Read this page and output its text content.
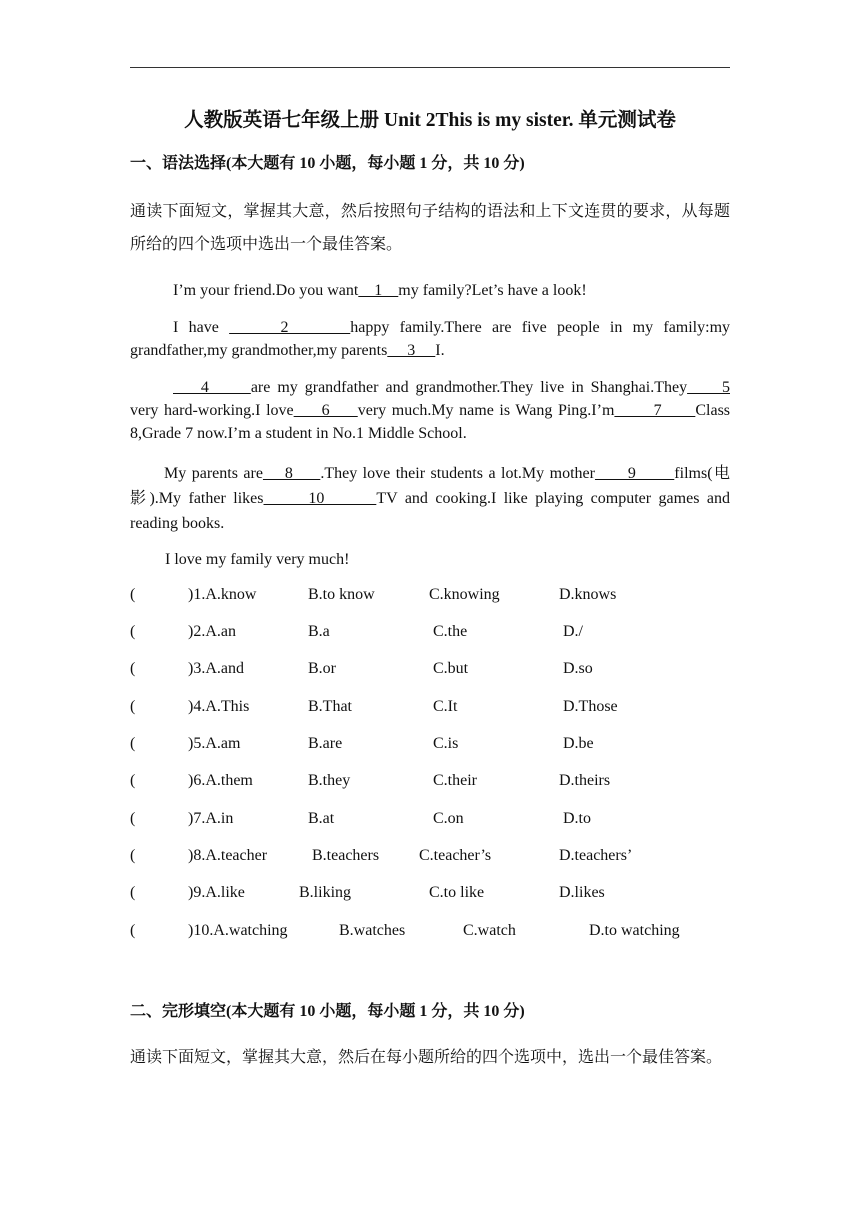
人教版英语七年级上册 Unit 2This is my sister. 单元测试卷
一、语法选择(本大题有 10 小题，每小题 1 分，共 10 分)
通读下面短文，掌握其大意，然后按照句子结构的语法和上下文连贯的要求，从每题所给的四个选项中选出一个最佳答案。
I’m your friend.Do you want    1    my family?Let’s have a look!
I have      2      happy family.There are five people in my family:my
grandfather,my grandmother,my parents     3     I.
4      are my grandfather and grandmother.They live in Shanghai.They     5
very hard-working.I love     6     very much.My name is Wang Ping.I’m       7      Class
8,Grade 7 now.I’m a student in No.1 Middle School.
My parents are    8     .They love their students a lot.My mother      9       films(电
影).My father likes      10       TV and cooking.I like playing computer games and
reading books.
I love my family very much!
(	)1.A.know	B.to know	C.knowing	D.knows
(	)2.A.an	B.a	C.the	D./
(	)3.A.and	B.or	C.but	D.so
(	)4.A.This	B.That	C.It	D.Those
(	)5.A.am	B.are	C.is	D.be
(	)6.A.them	B.they	C.their	D.theirs
(	)7.A.in	B.at	C.on	D.to
(	)8.A.teacher	B.teachers C.teacher’s	D.teachers’
(	)9.A.like	B.liking	C.to like	D.likes
(	)10.A.watching	B.watches	C.watch	D.to watching
二、完形填空(本大题有 10 小题，每小题 1 分，共 10 分)
通读下面短文，掌握其大意，然后在每小题所给的四个选项中，选出一个最佳答案。
